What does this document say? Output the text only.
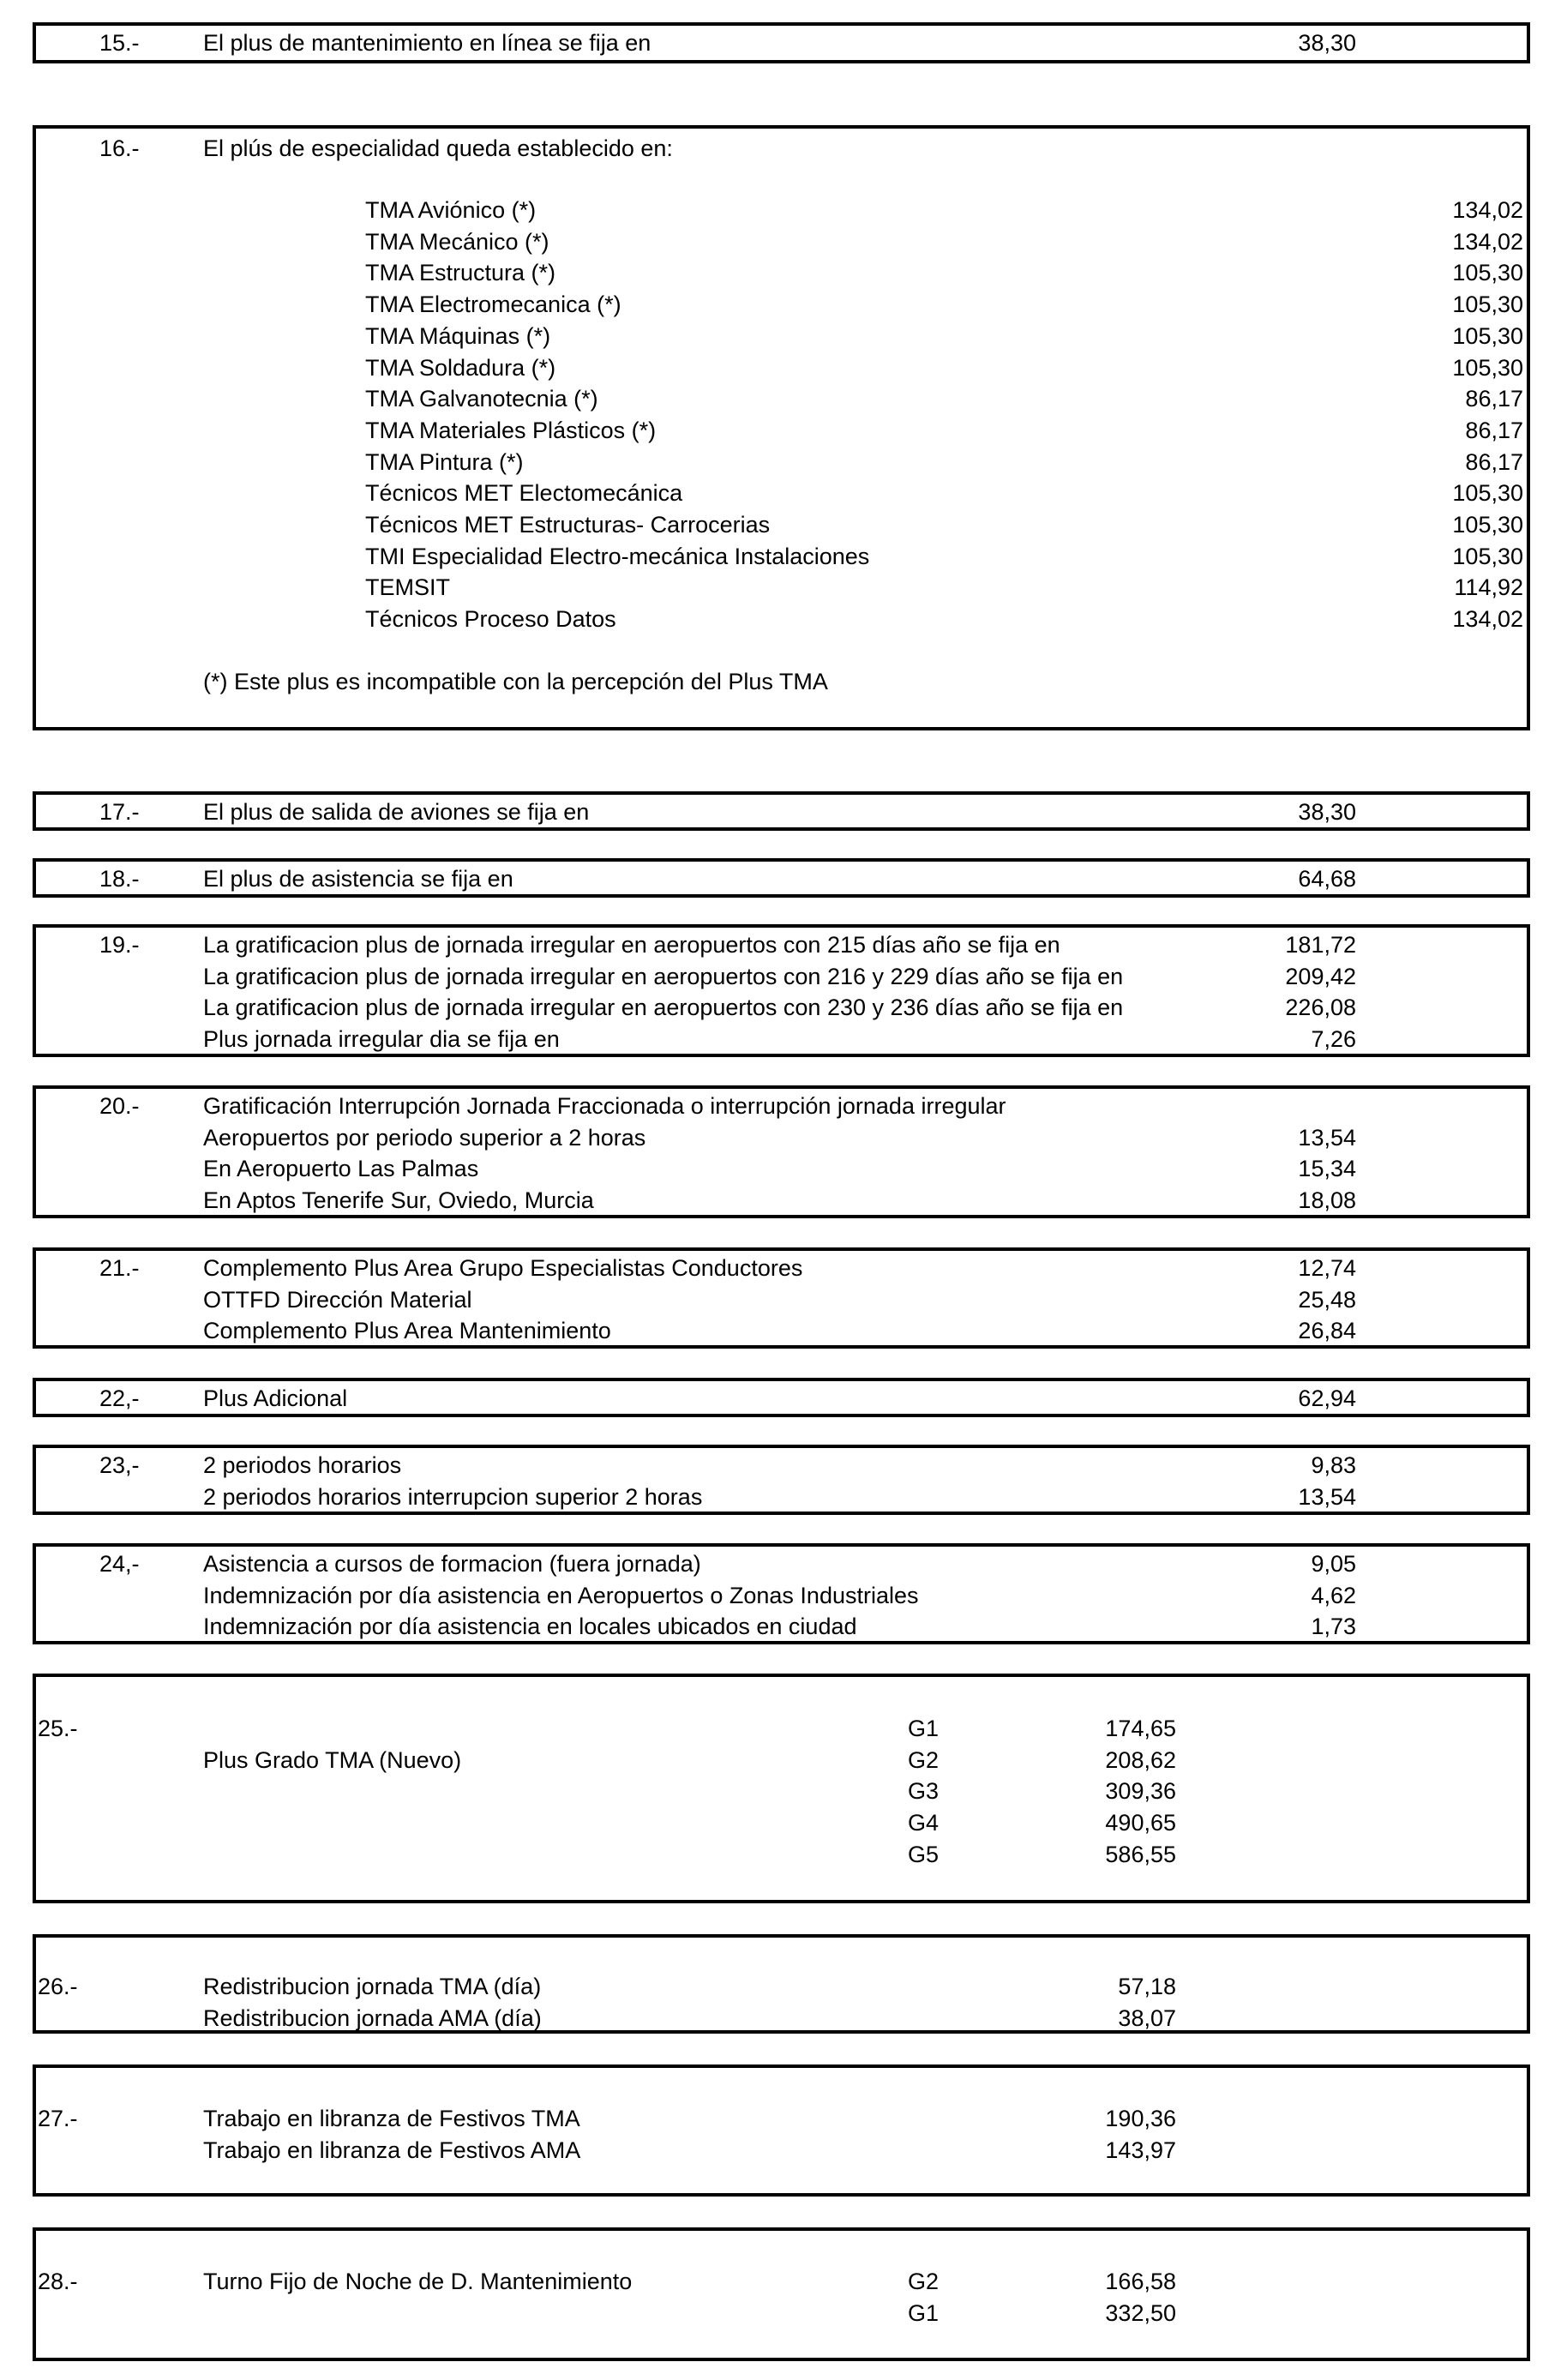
15.-	El plus de mantenimiento en línea se fija en	38,30
16.-	El plús de especialidad queda establecido en:
TMA Aviónico (*)	134,02
TMA Mecánico (*)	134,02
TMA Estructura (*)	105,30
TMA Electromecanica (*)	105,30
TMA Máquinas (*)	105,30
TMA Soldadura (*)	105,30
TMA Galvanotecnia (*)	86,17
TMA Materiales Plásticos (*)	86,17
TMA Pintura (*)	86,17
Técnicos MET Electomecánica	105,30
Técnicos MET Estructuras- Carrocerias	105,30
TMI Especialidad Electro-mecánica Instalaciones	105,30
TEMSIT	114,92
Técnicos Proceso Datos	134,02
(*) Este plus es incompatible con la percepción del Plus TMA
17.-	El plus de salida de aviones se fija en	38,30
18.-	El plus de asistencia se fija en	64,68
19.-	La gratificacion plus de jornada irregular en aeropuertos con 215 días año se fija en	181,72
La gratificacion plus de jornada irregular en aeropuertos con 216 y 229 días año se fija en	209,42
La gratificacion plus de jornada irregular en aeropuertos con 230 y 236 días año se fija en	226,08
Plus jornada irregular dia se fija en	7,26
20.-	Gratificación Interrupción Jornada Fraccionada o interrupción jornada irregular
Aeropuertos por periodo superior a 2 horas	13,54
En Aeropuerto Las Palmas	15,34
En Aptos Tenerife Sur, Oviedo, Murcia	18,08
21.-	Complemento Plus Area Grupo Especialistas Conductores	12,74
OTTFD Dirección Material	25,48
Complemento Plus Area Mantenimiento	26,84
22,-	Plus Adicional	62,94
23,-	2 periodos horarios	9,83
2 periodos horarios interrupcion superior 2 horas	13,54
24,-	Asistencia a cursos de formacion (fuera jornada)	9,05
Indemnización por día asistencia en Aeropuertos o Zonas Industriales	4,62
Indemnización por día asistencia en locales ubicados en ciudad	1,73
25.-
Plus Grado TMA (Nuevo)
G1	174,65
G2	208,62
G3	309,36
G4	490,65
G5	586,55
26.-	Redistribucion jornada TMA (día)	57,18
Redistribucion jornada AMA (día)	38,07
27.-	Trabajo en libranza de Festivos TMA	190,36
Trabajo en libranza de Festivos AMA	143,97
28.-	Turno Fijo de Noche de D. Mantenimiento	G2	166,58
G1	332,50
